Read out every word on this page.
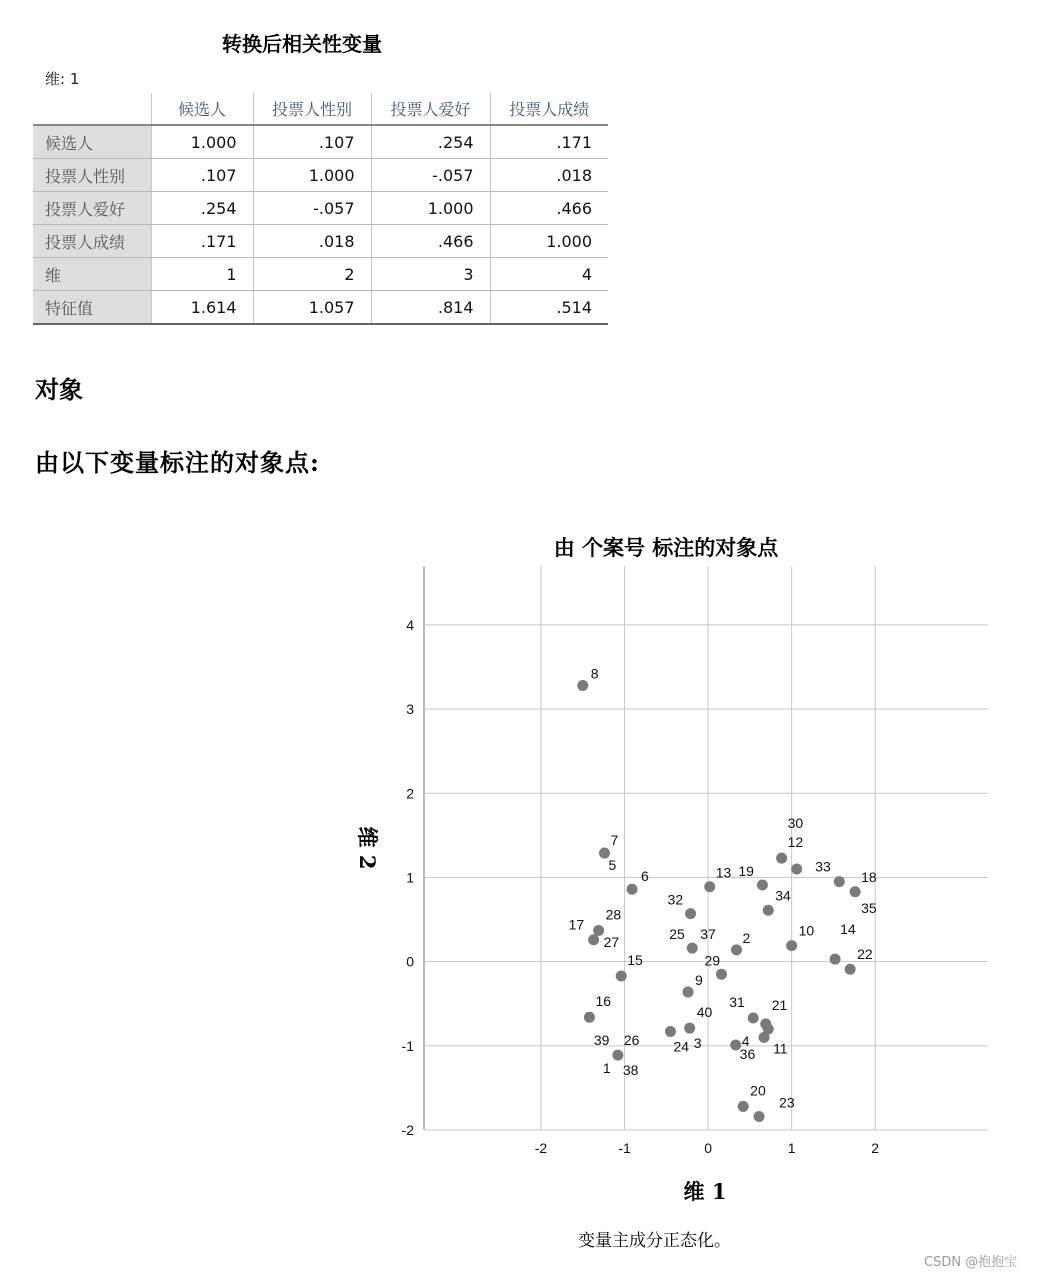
转换后相关性变量
维: 1
	候选人	投票人性别	投票人爱好	投票人成绩
候选人	1.000	.107	.254	.171
投票人性别	.107	1.000	-.057	.018
投票人爱好	.254	-.057	1.000	.466
投票人成绩	.171	.018	.466	1.000
维	1	2	3	4
特征值	1.614	1.057	.814	.514
对象
由以下变量标注的对象点:
由 个案号 标注的对象点
-2	-1	0	1	2
-2
-1
0
1
2
3
4
8
7
5
6
28
17
27
15
16
39 26
1 38
13 19
30
12
34
33
18
35
32
25 37 2	10 14
22
29
9
24
40
3
31 21
4 11
36
20
23
维 1
维 2
变量主成分正态化。
CSDN @抱抱宝
